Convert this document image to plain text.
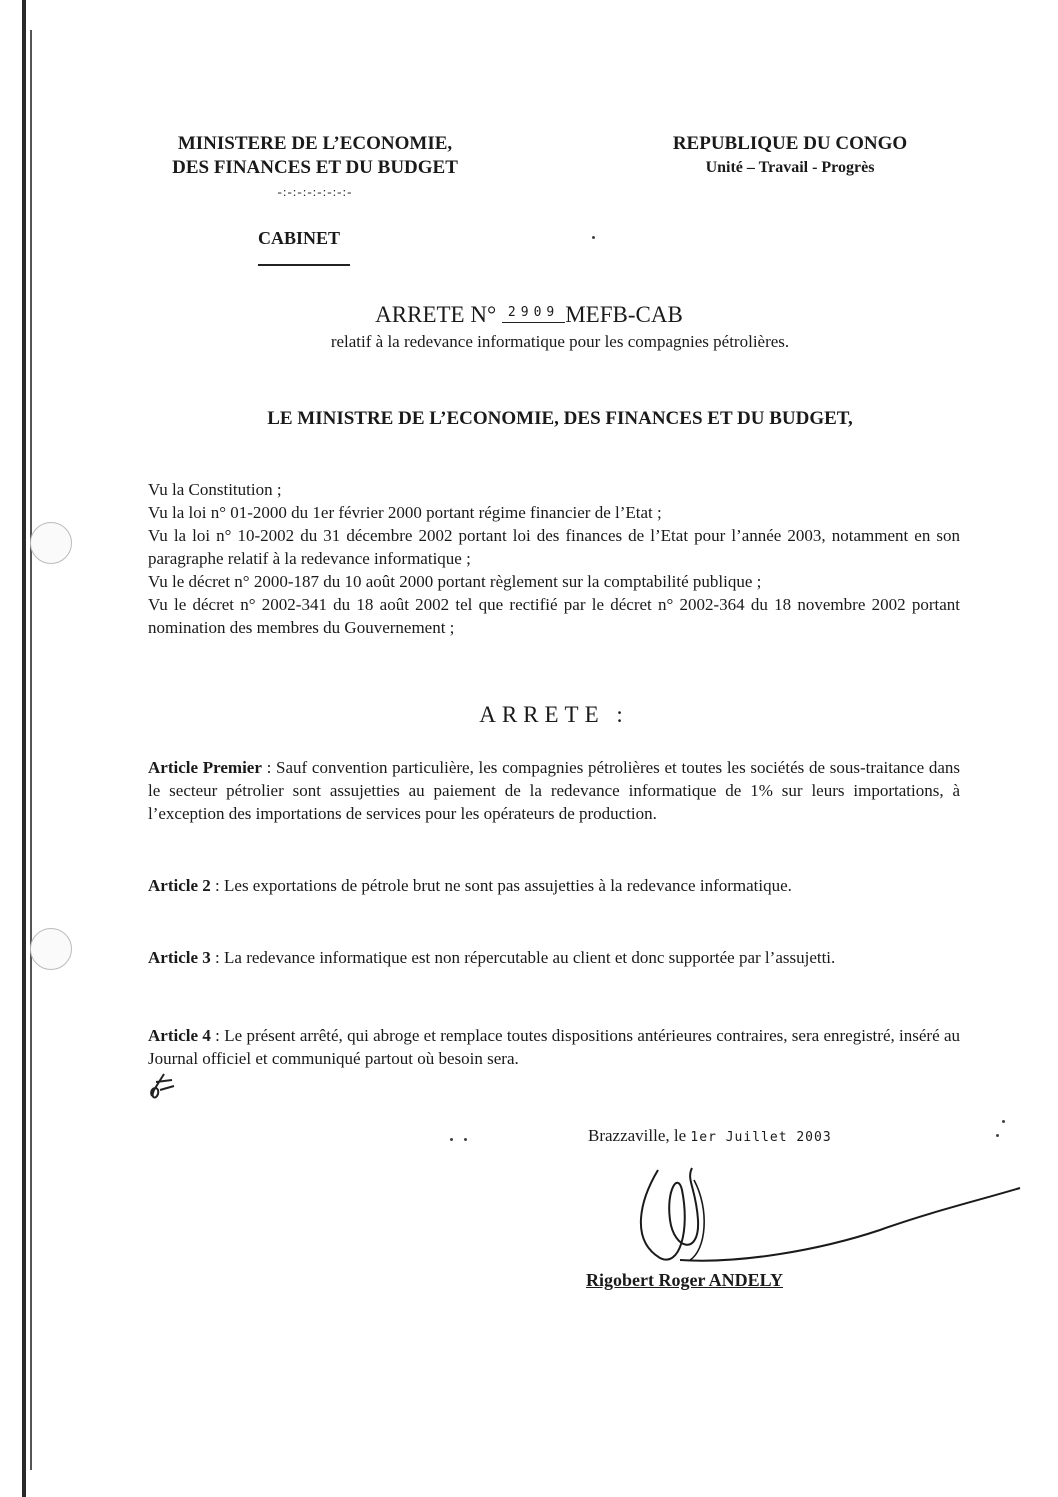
MINISTERE DE L’ECONOMIE,
DES FINANCES ET DU BUDGET
-:-:-:-:-:-:-:-
REPUBLIQUE DU CONGO
Unité – Travail - Progrès
CABINET
ARRETE N° 2909 MEFB-CAB
relatif à la redevance informatique pour les compagnies pétrolières.
LE MINISTRE DE L’ECONOMIE, DES FINANCES ET DU BUDGET,

Vu la Constitution ;

Vu la loi n° 01-2000 du 1er février 2000 portant régime financier de l’Etat ;

Vu la loi n° 10-2002 du 31 décembre 2002 portant loi des finances de l’Etat pour l’année 2003, notamment en son paragraphe relatif à la redevance informatique ;

Vu le décret n° 2000-187 du 10 août 2000 portant règlement sur la comptabilité publique ;

Vu le décret n° 2002-341 du 18 août 2002 tel que rectifié par le décret n° 2002-364 du 18 novembre 2002 portant nomination des membres du Gouvernement ;

ARRETE :

Article Premier : Sauf convention particulière, les compagnies pétrolières et toutes les sociétés de sous-traitance dans le secteur pétrolier sont assujetties au paiement de la redevance informatique de 1% sur leurs importations, à l’exception des importations de services pour les opérateurs de production.

Article 2 : Les exportations de pétrole brut ne sont pas assujetties à la redevance informatique.

Article 3 : La redevance informatique est non répercutable au client et donc supportée par l’assujetti.

Article 4 : Le présent arrêté, qui abroge et remplace toutes dispositions antérieures contraires, sera enregistré, inséré au Journal officiel et communiqué partout où besoin sera.

Brazzaville, le 1er Juillet 2003
Rigobert Roger ANDELY
